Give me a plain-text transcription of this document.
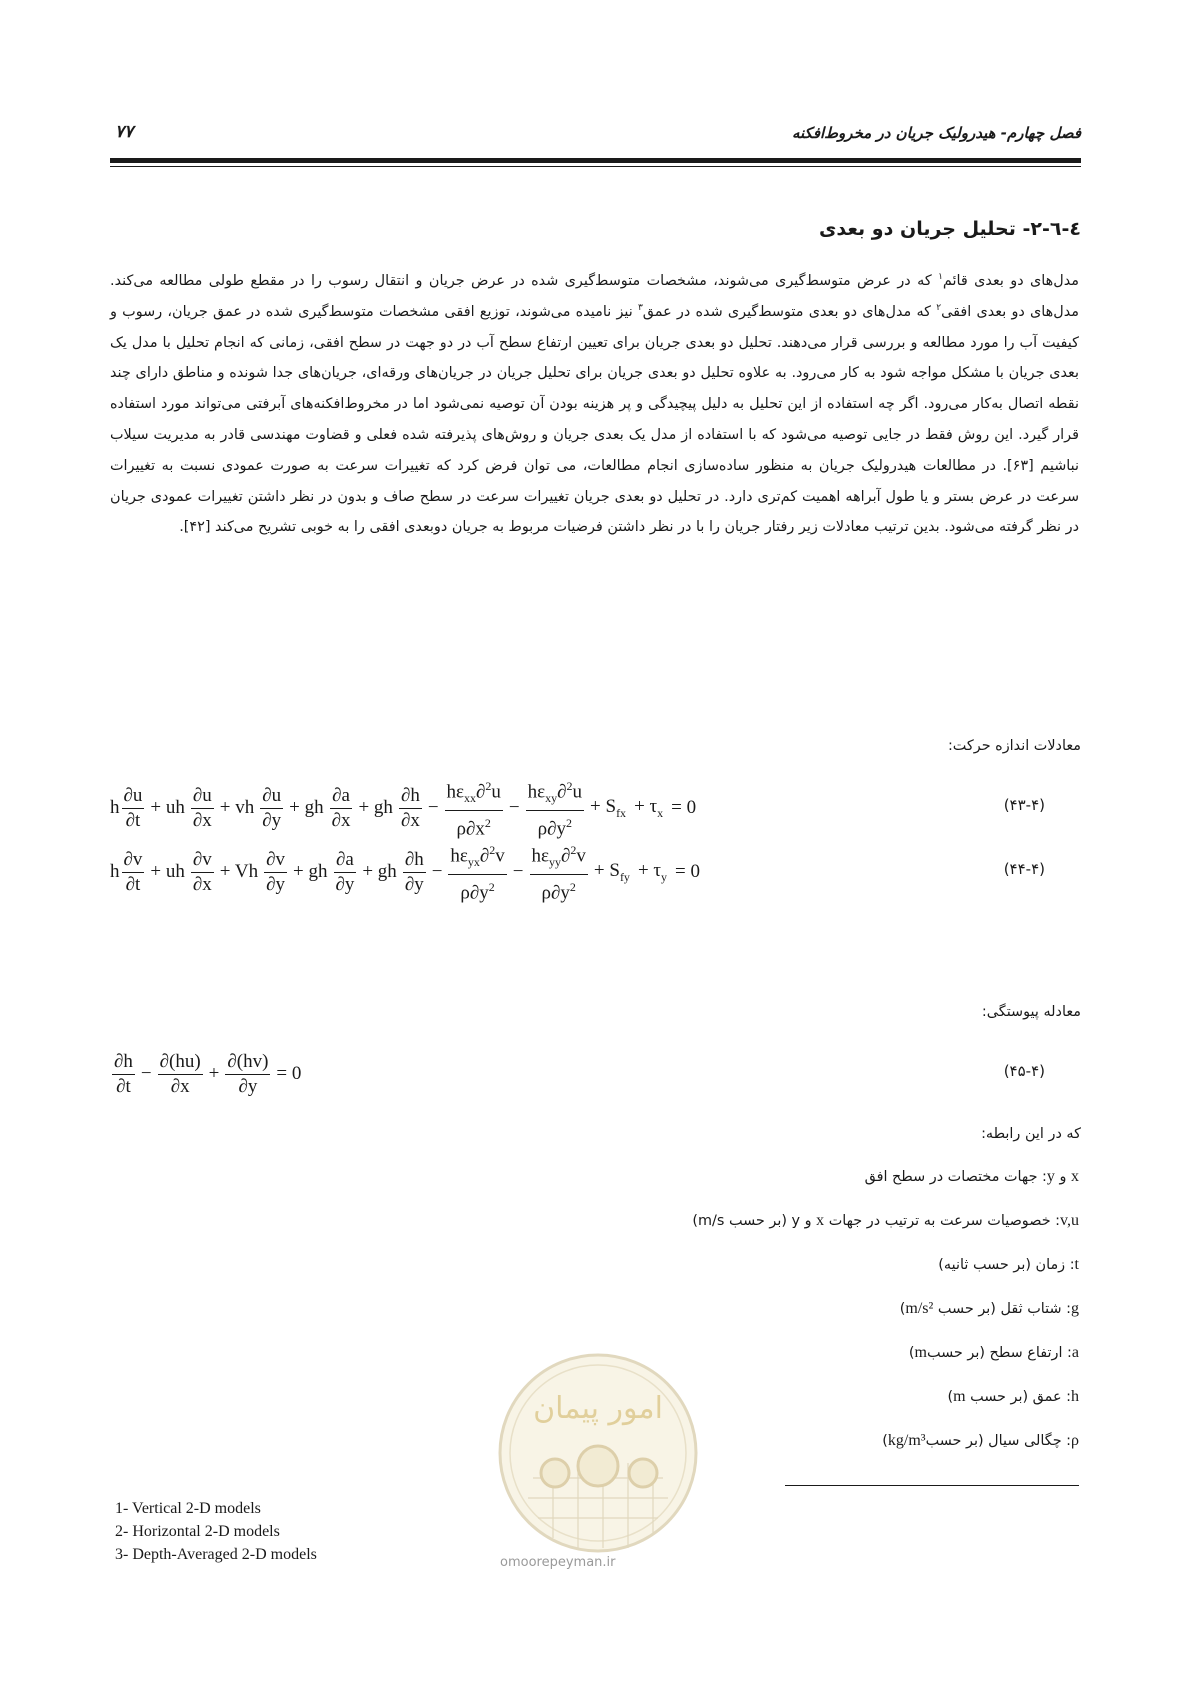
فصل چهارم- هیدرولیک جریان در مخروط‌افکنه
۷۷
٤-٦-٢- تحلیل جریان دو بعدی

مدل‌های دو بعدی قائم$^۱$ که در عرض متوسط‌گیری می‌شوند، مشخصات متوسط‌گیری شده در عرض جریان و انتقال رسوب را در مقطع طولی مطالعه می‌کند. مدل‌های دو بعدی افقی$^۲$ که مدل‌های دو بعدی متوسط‌گیری شده در عمق$^۳$ نیز نامیده می‌شوند، توزیع افقی مشخصات متوسط‌گیری شده در عمق جریان، رسوب و کیفیت آب را مورد مطالعه و بررسی قرار می‌دهند. تحلیل دو بعدی جریان برای تعیین ارتفاع سطح آب در دو جهت در سطح افقی، زمانی که انجام تحلیل با مدل یک بعدی جریان با مشکل مواجه شود به کار می‌رود. به علاوه تحلیل دو بعدی جریان برای تحلیل جریان در جریان‌های ورقه‌ای، جریان‌های جدا شونده و مناطق دارای چند نقطه اتصال به‌کار می‌رود. اگر چه استفاده از این تحلیل به دلیل پیچیدگی و پر هزینه بودن آن توصیه نمی‌شود اما در مخروط‌افکنه‌های آبرفتی می‌تواند مورد استفاده قرار گیرد. این روش فقط در جایی توصیه می‌شود که با استفاده از مدل یک بعدی جریان و روش‌های پذیرفته شده فعلی و قضاوت مهندسی قادر به مدیریت سیلاب نباشیم [۶۳]. در مطالعات هیدرولیک جریان به منظور ساده‌سازی انجام مطالعات، می توان فرض کرد که تغییرات سرعت به صورت عمودی نسبت به تغییرات سرعت در عرض بستر و یا طول آبراهه اهمیت کم‌تری دارد. در تحلیل دو بعدی جریان تغییرات سرعت در سطح صاف و بدون در نظر داشتن تغییرات عمودی جریان در نظر گرفته می‌شود. بدین ترتیب معادلات زیر رفتار جریان را با در نظر داشتن فرضیات مربوط به جریان دوبعدی افقی را به خوبی تشریح می‌کند [۴۲].

معادلات اندازه حرکت:
h $\frac{\partial u}{\partial t}$ + uh $\frac{\partial u}{\partial x}$ + vh $\frac{\partial u}{\partial y}$ + gh $\frac{\partial a}{\partial x}$ + gh $\frac{\partial h}{\partial x} - \frac{h\varepsilon_{xx}\partial^2u}{\rho\partial x^2} - \frac{h\varepsilon_{xy}\partial^2u}{\rho\partial y^2} + S_{fx} + \tau_x = 0$	(۴۳-۴)
h $\frac{\partial v}{\partial t}$ + uh $\frac{\partial v}{\partial x} + Vh \frac{\partial v}{\partial y}$ + gh $\frac{\partial a}{\partial y}$ + gh $\frac{\partial h}{\partial y} - \frac{h\varepsilon_{yx}\partial^2v}{\rho\partial y^2} - \frac{h\varepsilon_{yy}\partial^2v}{\rho\partial y^2} + S_{fy} + \tau_y = 0$	(۴۴-۴)
معادله پیوستگی:
$\frac{\partial h}{\partial t} - \frac{\partial(hu)}{\partial x} + \frac{\partial(hv)}{\partial y} = 0$	(۴۵-۴)
که در این رابطه:
x و y: جهات مختصات در سطح افق
v,u: خصوصیات سرعت به ترتیب در جهات x و y (بر حسب m/s)
t: زمان (بر حسب ثانیه)
g: شتاب ثقل (بر حسب m/s²)
a: ارتفاع سطح (بر حسبm)
h: عمق (بر حسب m)
ρ: چگالی سیال (بر حسبkg/m³)
امور پیمان
omoorepeyman.ir
1- Vertical 2-D models
2- Horizontal 2-D models
3- Depth-Averaged 2-D models
